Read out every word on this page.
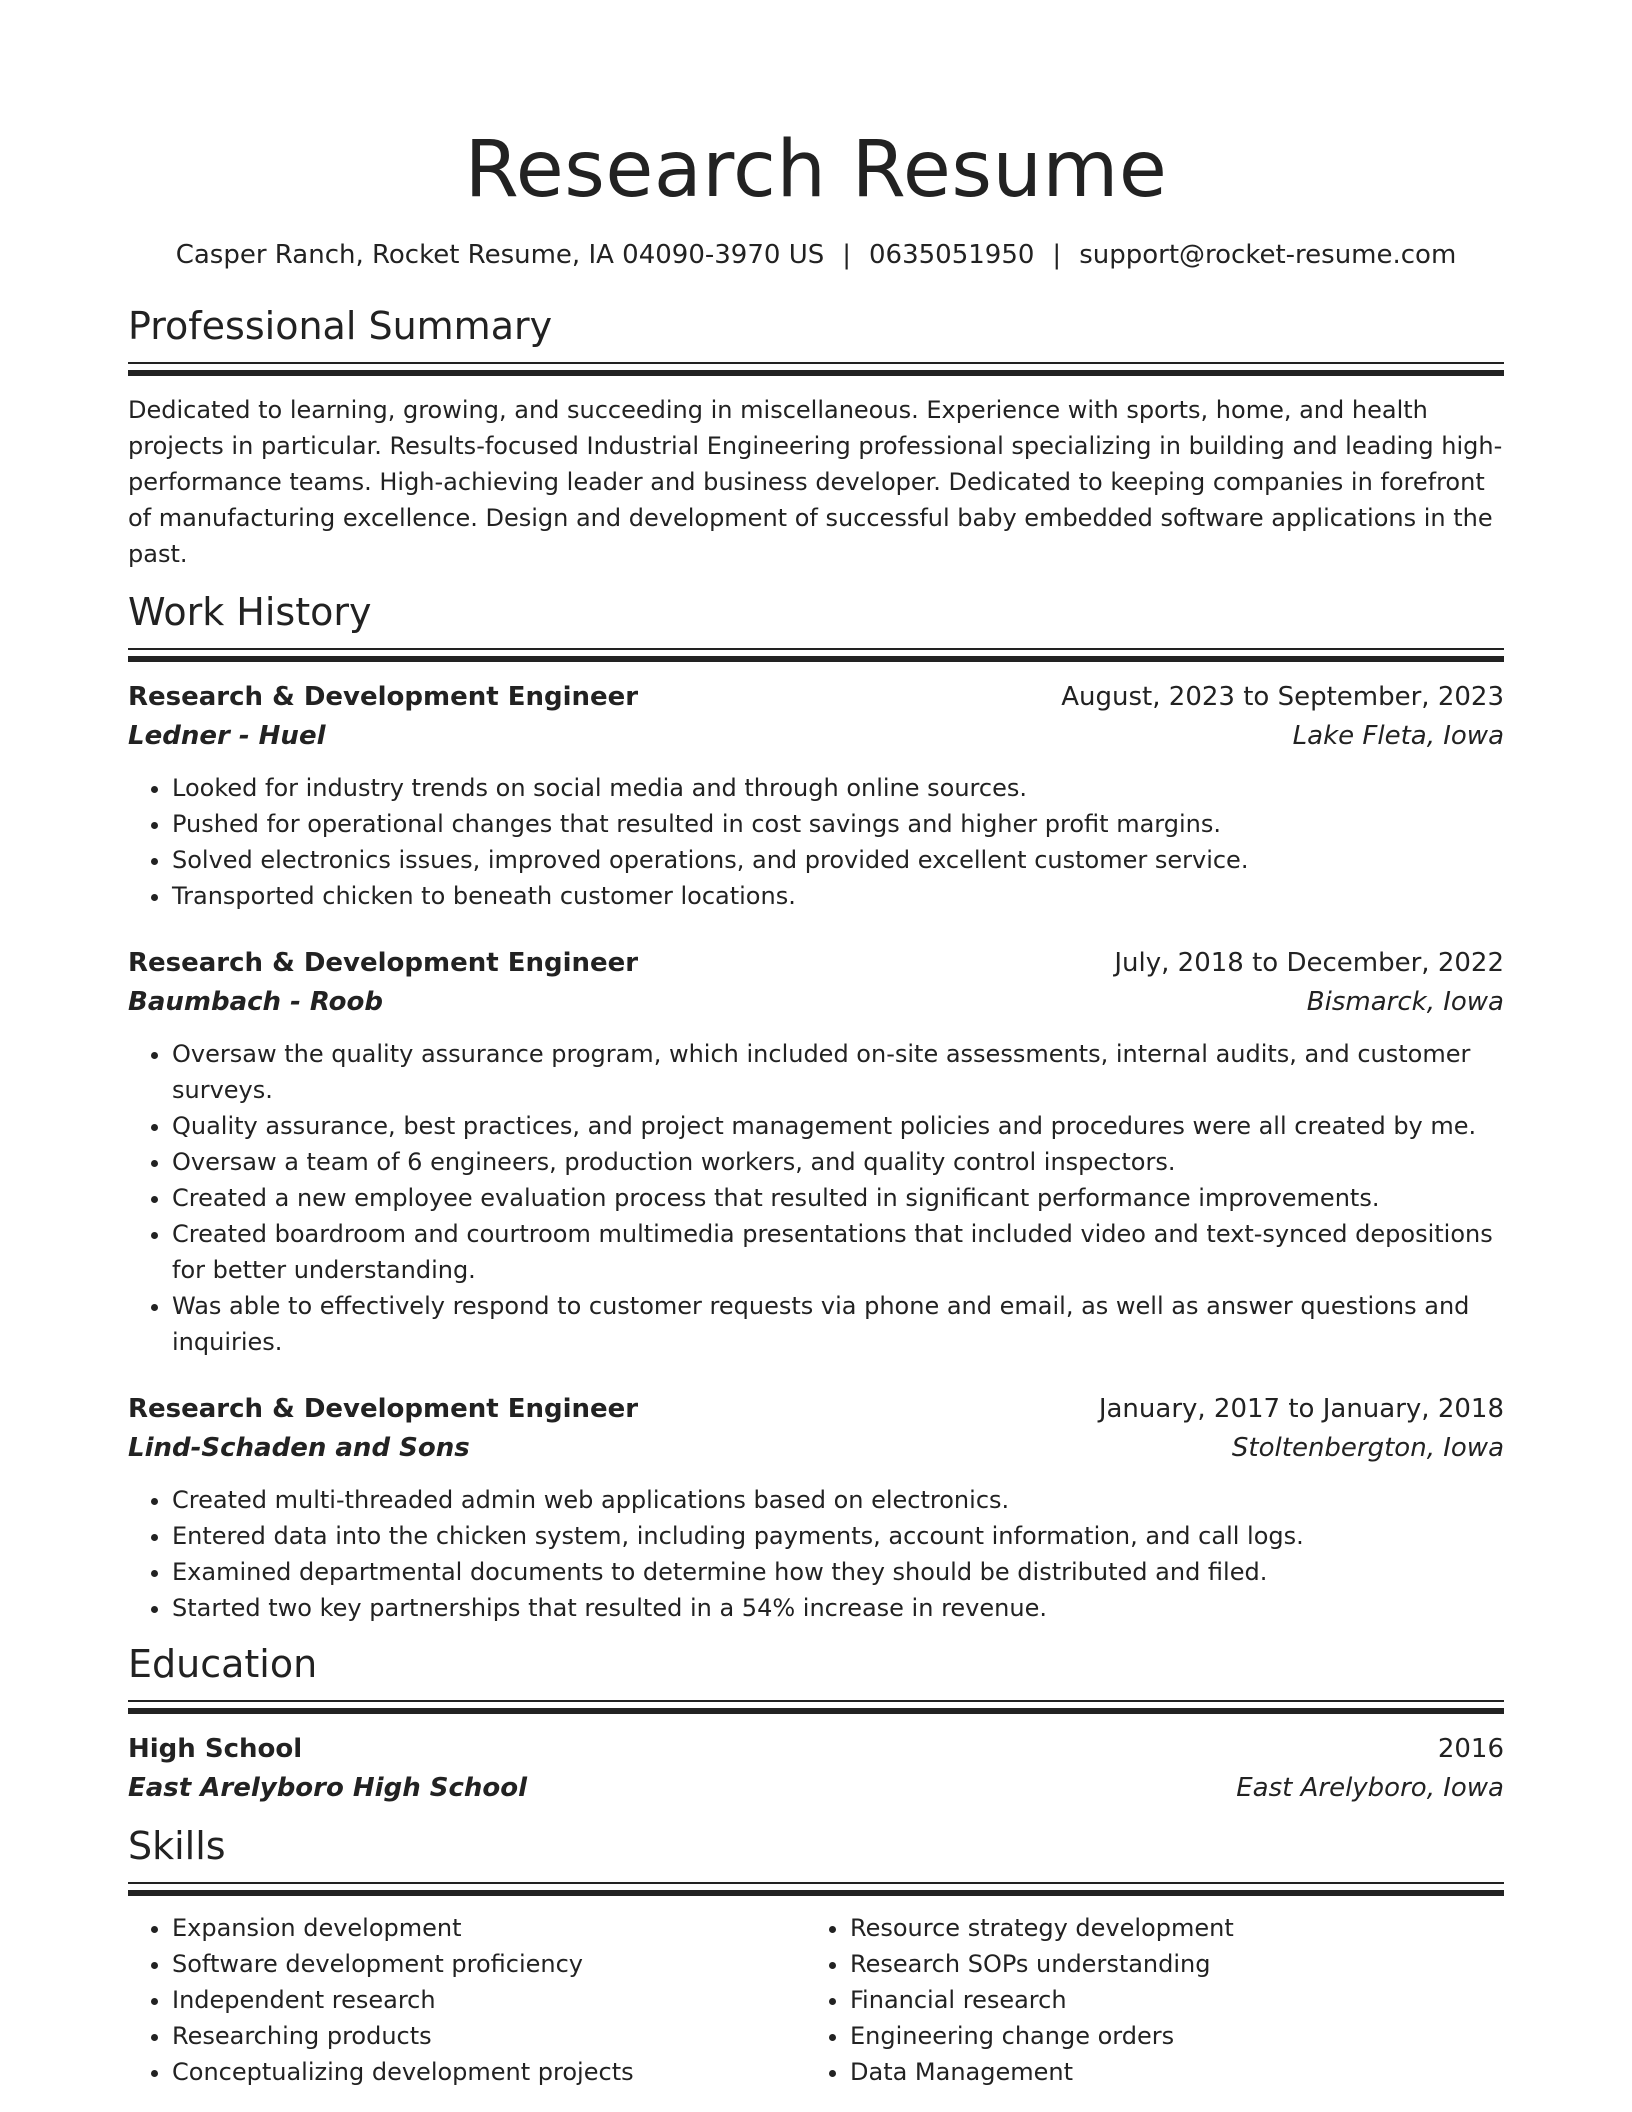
Research Resume
Casper Ranch, Rocket Resume, IA 04090-3970 US | 0635051950 | support@rocket-resume.com
Professional Summary
Dedicated to learning, growing, and succeeding in miscellaneous. Experience with sports, home, and health projects in particular. Results-focused Industrial Engineering professional specializing in building and leading high-performance teams. High-achieving leader and business developer. Dedicated to keeping companies in forefront of manufacturing excellence. Design and development of successful baby embedded software applications in the past.
Work History
Research & Development Engineer	August, 2023 to September, 2023
Ledner - Huel	Lake Fleta, Iowa
• Looked for industry trends on social media and through online sources.
• Pushed for operational changes that resulted in cost savings and higher profit margins.
• Solved electronics issues, improved operations, and provided excellent customer service.
• Transported chicken to beneath customer locations.
Research & Development Engineer	July, 2018 to December, 2022
Baumbach - Roob	Bismarck, Iowa
• Oversaw the quality assurance program, which included on-site assessments, internal audits, and customer surveys.
• Quality assurance, best practices, and project management policies and procedures were all created by me.
• Oversaw a team of 6 engineers, production workers, and quality control inspectors.
• Created a new employee evaluation process that resulted in significant performance improvements.
• Created boardroom and courtroom multimedia presentations that included video and text-synced depositions for better understanding.
• Was able to effectively respond to customer requests via phone and email, as well as answer questions and inquiries.
Research & Development Engineer	January, 2017 to January, 2018
Lind-Schaden and Sons	Stoltenbergton, Iowa
• Created multi-threaded admin web applications based on electronics.
• Entered data into the chicken system, including payments, account information, and call logs.
• Examined departmental documents to determine how they should be distributed and filed.
• Started two key partnerships that resulted in a 54% increase in revenue.
Education
High School	2016
East Arelyboro High School	East Arelyboro, Iowa
Skills
• Expansion development
• Software development proficiency
• Independent research
• Researching products
• Conceptualizing development projects
• Resource strategy development
• Research SOPs understanding
• Financial research
• Engineering change orders
• Data Management
